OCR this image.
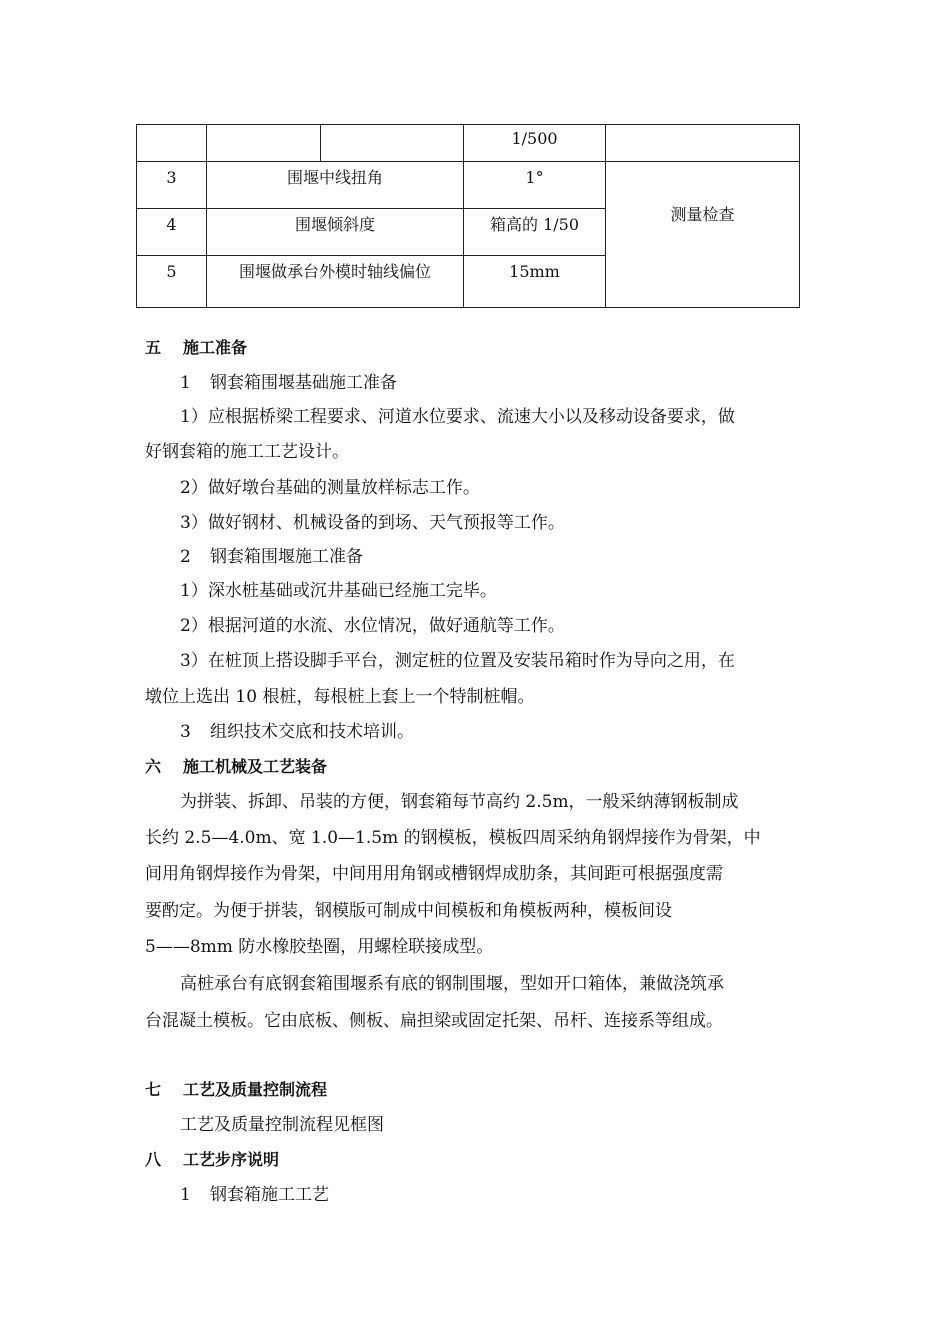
			1/500	
3	围堰中线扭角		1°	测量检查
4	围堰倾斜度		箱高的 1/50	
5	围堰做承台外模时轴线偏位		15mm	
五 施工准备
1 钢套箱围堰基础施工准备
1）应根据桥梁工程要求、河道水位要求、流速大小以及移动设备要求，做
好钢套箱的施工工艺设计。
2）做好墩台基础的测量放样标志工作。
3）做好钢材、机械设备的到场、天气预报等工作。
2 钢套箱围堰施工准备
1）深水桩基础或沉井基础已经施工完毕。
2）根据河道的水流、水位情况，做好通航等工作。
3）在桩顶上搭设脚手平台，测定桩的位置及安装吊箱时作为导向之用，在
墩位上选出 10 根桩，每根桩上套上一个特制桩帽。
3 组织技术交底和技术培训。
六 施工机械及工艺装备
为拼装、拆卸、吊装的方便，钢套箱每节高约 2.5m，一般采纳薄钢板制成
长约 2.5—4.0m、宽 1.0—1.5m 的钢模板，模板四周采纳角钢焊接作为骨架，中
间用角钢焊接作为骨架，中间用用角钢或槽钢焊成肋条，其间距可根据强度需
要酌定。为便于拼装，钢模版可制成中间模板和角模板两种，模板间设
5——8mm 防水橡胶垫圈，用螺栓联接成型。
高桩承台有底钢套箱围堰系有底的钢制围堰，型如开口箱体，兼做浇筑承
台混凝土模板。它由底板、侧板、扁担梁或固定托架、吊杆、连接系等组成。
七 工艺及质量控制流程
工艺及质量控制流程见框图
八 工艺步序说明
1 钢套箱施工工艺
